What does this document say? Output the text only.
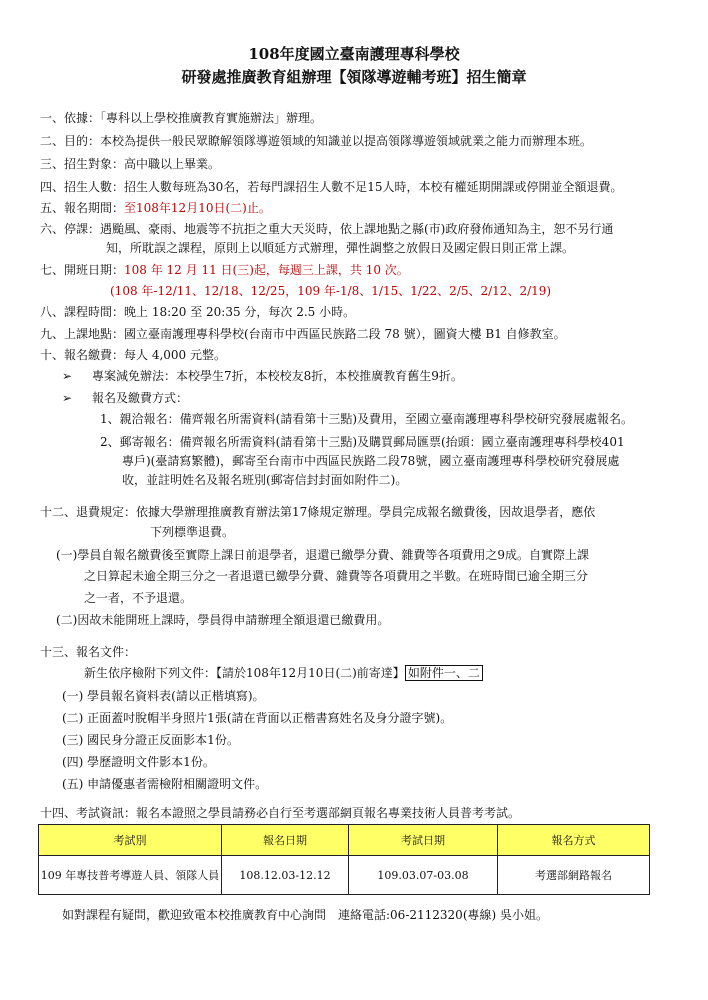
108年度國立臺南護理專科學校
研發處推廣教育組辦理【領隊導遊輔考班】招生簡章
一、依據：「專科以上學校推廣教育實施辦法」辦理。
二、目的：本校為提供一般民眾瞭解領隊導遊領域的知識並以提高領隊導遊領域就業之能力而辦理本班。
三、招生對象：高中職以上畢業。
四、招生人數：招生人數每班為30名，若每門課招生人數不足15人時，本校有權延期開課或停開並全額退費。
五、報名期間：至108年12月10日(二)止。
六、停課：遇颱風、豪雨、地震等不抗拒之重大天災時，依上課地點之縣(市)政府發佈通知為主，恕不另行通
知，所耽誤之課程，原則上以順延方式辦理，彈性調整之放假日及國定假日則正常上課。
七、開班日期：108 年 12 月 11 日(三)起，每週三上課，共 10 次。
(108 年-12/11、12/18、12/25，109 年-1/8、1/15、1/22、2/5、2/12、2/19)
八、課程時間：晚上 18:20 至 20:35 分，每次 2.5 小時。
九、上課地點：國立臺南護理專科學校(台南市中西區民族路二段 78 號），圖資大樓 B1 自修教室。
十、報名繳費：每人 4,000 元整。
➢ 專案減免辦法：本校學生7折，本校校友8折，本校推廣教育舊生9折。
➢ 報名及繳費方式：
1、親洽報名：備齊報名所需資料(請看第十三點)及費用，至國立臺南護理專科學校研究發展處報名。
2、郵寄報名：備齊報名所需資料(請看第十三點)及購買郵局匯票(抬頭：國立臺南護理專科學校401
專戶)(臺請寫繁體)，郵寄至台南市中西區民族路二段78號，國立臺南護理專科學校研究發展處
收，並註明姓名及報名班別(郵寄信封封面如附件二)。
十二、退費規定：依據大學辦理推廣教育辦法第17條規定辦理。學員完成報名繳費後，因故退學者，應依
下列標準退費。
(一)學員自報名繳費後至實際上課日前退學者，退還已繳學分費、雜費等各項費用之9成。自實際上課
之日算起未逾全期三分之一者退還已繳學分費、雜費等各項費用之半數。在班時間已逾全期三分
之一者，不予退還。
(二)因故未能開班上課時，學員得申請辦理全額退還已繳費用。
十三、報名文件：
新生依序檢附下列文件：【請於108年12月10日(二)前寄達】 如附件一、二
(一) 學員報名資料表(請以正楷填寫)。
(二) 正面蓋吋脫帽半身照片1張(請在背面以正楷書寫姓名及身分證字號)。
(三) 國民身分證正反面影本1份。
(四) 學歷證明文件影本1份。
(五) 申請優惠者需檢附相關證明文件。
十四、考試資訊：報名本證照之學員請務必自行至考選部網頁報名專業技術人員普考考試。
考試別	報名日期	考試日期	報名方式
109 年專技普考導遊人員、領隊人員	108.12.03-12.12	109.03.07-03.08	考選部網路報名
如對課程有疑問，歡迎致電本校推廣教育中心詢問　連絡電話:06-2112320(專線) 吳小姐。
